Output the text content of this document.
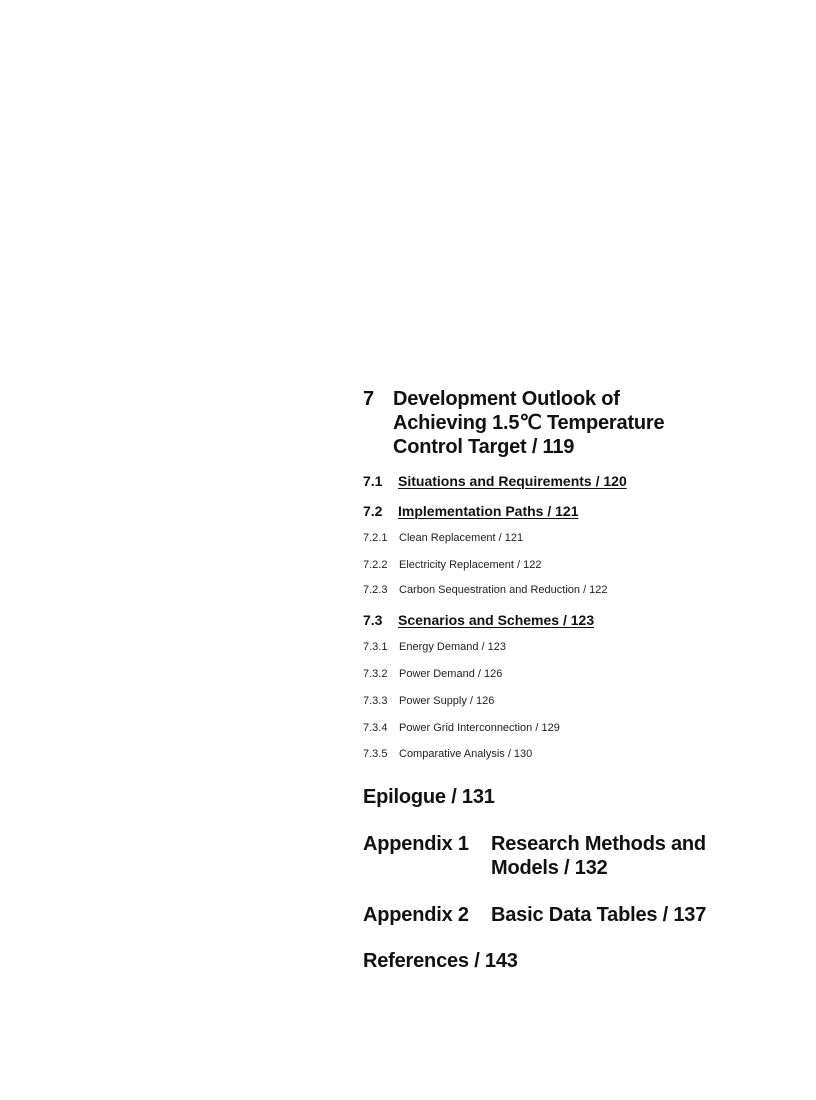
7 Development Outlook of Achieving 1.5℃ Temperature Control Target / 119
7.1 Situations and Requirements / 120
7.2 Implementation Paths / 121
7.2.1 Clean Replacement / 121
7.2.2 Electricity Replacement / 122
7.2.3 Carbon Sequestration and Reduction / 122
7.3 Scenarios and Schemes / 123
7.3.1 Energy Demand / 123
7.3.2 Power Demand / 126
7.3.3 Power Supply / 126
7.3.4 Power Grid Interconnection / 129
7.3.5 Comparative Analysis / 130
Epilogue / 131
Appendix 1	Research Methods and Models / 132
Appendix 2	Basic Data Tables / 137
References / 143
